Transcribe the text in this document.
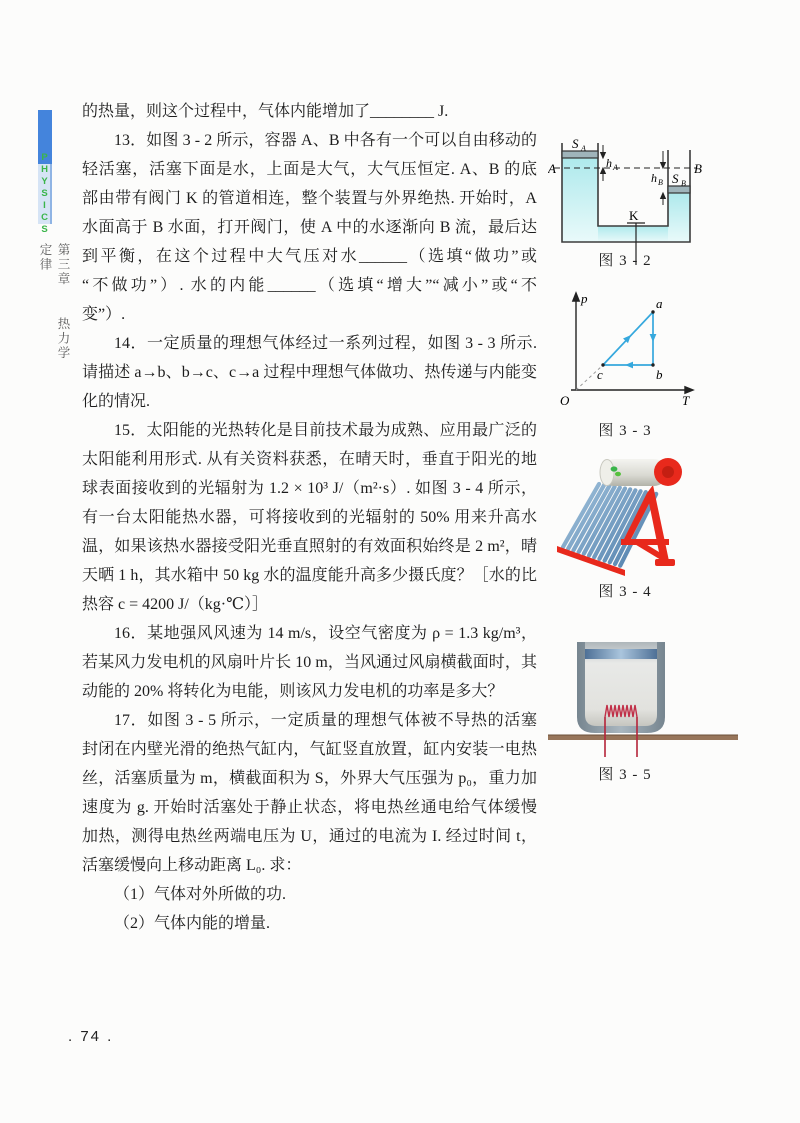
PHYSICS
第三章 热力学定律
的热量，则这个过程中，气体内能增加了________ J.
13．如图 3 - 2 所示，容器 A、B 中各有一个可以自由移动的
轻活塞，活塞下面是水，上面是大气，大气压恒定. A、B 的底
部由带有阀门 K 的管道相连，整个装置与外界绝热. 开始时，A
水面高于 B 水面，打开阀门，使 A 中的水逐渐向 B 流，最后达
到平衡，在这个过程中大气压对水______（选填“做功”或
“不做功”）. 水的内能______（选填“增大”“减小”或“不
变”）.
14．一定质量的理想气体经过一系列过程，如图 3 - 3 所示.
请描述 a→b、b→c、c→a 过程中理想气体做功、热传递与内能变
化的情况.
15．太阳能的光热转化是目前技术最为成熟、应用最广泛的
太阳能利用形式. 从有关资料获悉，在晴天时，垂直于阳光的地
球表面接收到的光辐射为 1.2 × 10³ J/（m²·s）. 如图 3 - 4 所示，
有一台太阳能热水器，可将接收到的光辐射的 50% 用来升高水
温，如果该热水器接受阳光垂直照射的有效面积始终是 2 m²，晴
天晒 1 h，其水箱中 50 kg 水的温度能升高多少摄氏度？［水的比
热容 c = 4200 J/（kg·℃）］
16．某地强风风速为 14 m/s，设空气密度为 ρ = 1.3 kg/m³，
若某风力发电机的风扇叶片长 10 m，当风通过风扇横截面时，其
动能的 20% 将转化为电能，则该风力发电机的功率是多大？
17．如图 3 - 5 所示，一定质量的理想气体被不导热的活塞
封闭在内壁光滑的绝热气缸内，气缸竖直放置，缸内安装一电热
丝，活塞质量为 m，横截面积为 S，外界大气压强为 p₀，重力加
速度为 g. 开始时活塞处于静止状态，将电热丝通电给气体缓慢
加热，测得电热丝两端电压为 U，通过的电流为 I. 经过时间 t，
活塞缓慢向上移动距离 L₀. 求：
（1）气体对外所做的功.
（2）气体内能的增量.
S A
h A
A	B
h B S B
K
图 3 - 2
p
T
O
a
b
c
图 3 - 3
图 3 - 4
图 3 - 5
. 74 .
